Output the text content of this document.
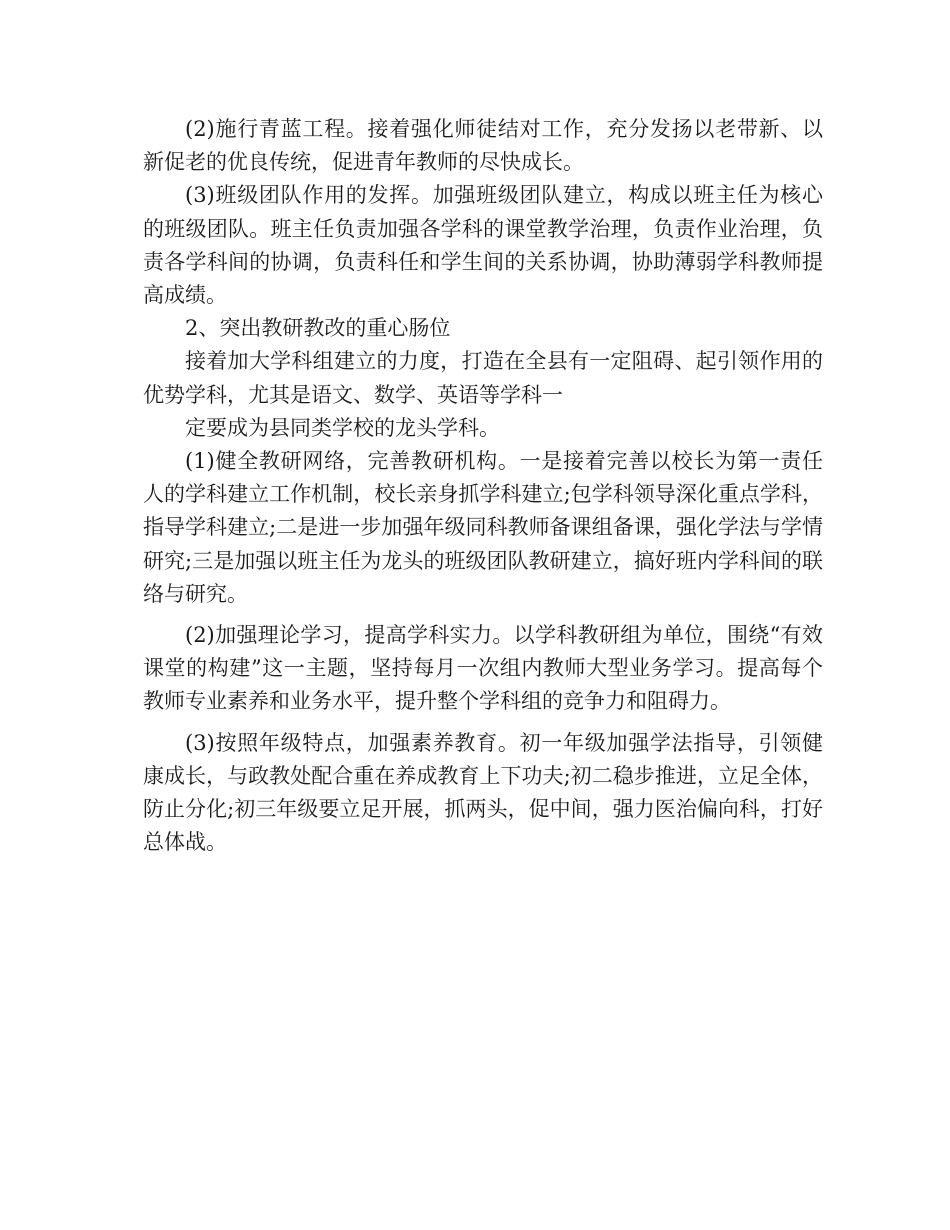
(2)施行青蓝工程。接着强化师徒结对工作，充分发扬以老带新、以新促老的优良传统，促进青年教师的尽快成长。

(3)班级团队作用的发挥。加强班级团队建立，构成以班主任为核心的班级团队。班主任负责加强各学科的课堂教学治理，负责作业治理，负责各学科间的协调，负责科任和学生间的关系协调，协助薄弱学科教师提高成绩。

2、突出教研教改的重心肠位

接着加大学科组建立的力度，打造在全县有一定阻碍、起引领作用的优势学科，尤其是语文、数学、英语等学科一

定要成为县同类学校的龙头学科。

(1)健全教研网络，完善教研机构。一是接着完善以校长为第一责任人的学科建立工作机制，校长亲身抓学科建立;包学科领导深化重点学科，指导学科建立;二是进一步加强年级同科教师备课组备课，强化学法与学情研究;三是加强以班主任为龙头的班级团队教研建立，搞好班内学科间的联络与研究。

(2)加强理论学习，提高学科实力。以学科教研组为单位，围绕“有效课堂的构建”这一主题，坚持每月一次组内教师大型业务学习。提高每个教师专业素养和业务水平，提升整个学科组的竞争力和阻碍力。

(3)按照年级特点，加强素养教育。初一年级加强学法指导，引领健康成长，与政教处配合重在养成教育上下功夫;初二稳步推进，立足全体，防止分化;初三年级要立足开展，抓两头，促中间，强力医治偏向科，打好总体战。
